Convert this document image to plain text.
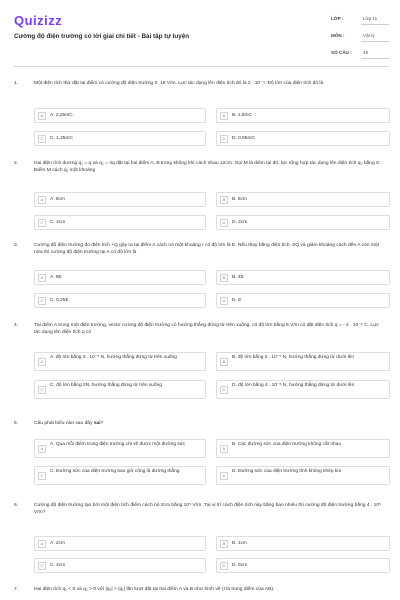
Quizizz
Cường độ điện trường có lời giải chi tiết - Bài tập tự luyện
LỚP :	Lớp 11
MÔN :	Vật lý
SỐ CÂU : 49
1.	Một điện tích thử đặt tại điểm có cường độ điện trường 0, 16 V/m. Lực tác dụng lên điện tích đó là 2 . 10⁻⁴. Độ lớn của điện tích đó là
A	A. 2,25mC	B	B. 1,5mC
C	C. 1,25mC	D	D. 0,85mC
2.	Hai điện tích dương q₁ = q và q₂ = 4q đặt tại hai điểm A, B trong không khí cách nhau 12cm. Gọi M là điểm tại đó, lực tổng hợp tác dụng lên điện tích q₀ bằng 0. Điểm M cách q₁ một khoảng
A	A. 8cm	B	B. 6cm
C	C. 4cm	D	D. 2cm
3.	Cường độ điện trường do điện tích +Q gây ra tại điểm A cách nó một khoảng r có độ lớn là E. Nếu thay bằng điện tích -2Q và giảm khoảng cách đến A còn một nửa thì cường độ điện trường tại A có độ lớn là
A	A. 8E	B	B. 4E
C	C. 0,25E	D	D. E
4.	Tại điểm A trong một điện trường, vectơ cường độ điện trường có hướng thẳng đứng từ trên xuống, có độ lớn bằng 5 V/m có đặt điện tích q = - 4 . 10⁻⁶ C. Lực tác dụng lên điện tích q có
A
A. độ lớn bằng 2 . 10⁻⁵ N, hướng thẳng đứng từ trên xuống
B
B. độ lớn bằng 2 . 10⁻⁵ N, hướng thẳng đứng từ dưới lên
C
C. độ lớn bằng 2N, hướng thẳng đứng từ trên xuống
D
D. độ lớn bằng 4 . 10⁻⁶ N, hướng thẳng đứng từ dưới lên
5.	Câu phát biểu nào sau đây sai?
A
A. Qua mỗi điểm trong điện trường chỉ vẽ được một đường sức
B
B. Các đường sức của điện trường không cắt nhau
C
C. Đường sức của điện trường bao giờ cũng là đường thẳng
D
D. Đường sức của điện trường tĩnh không khép kín
6.	Cường độ điện trường tạo bởi một điện tích điểm cách nó 2cm bằng 10⁵ V/m. Tại vị trí cách điện tích này bằng bao nhiêu thì cường độ điện trường bằng 4 . 10⁵ V/m?
A	A. 2cm	B	B. 1cm
C	C. 4cm	D	D. 5cm
7.	Hai điện tích q₁ < 0 và q₂ > 0 với |q₂| > |q₁| lần lượt đặt tại hai điểm A và B như hình vẽ (I là trung điểm của AB).
